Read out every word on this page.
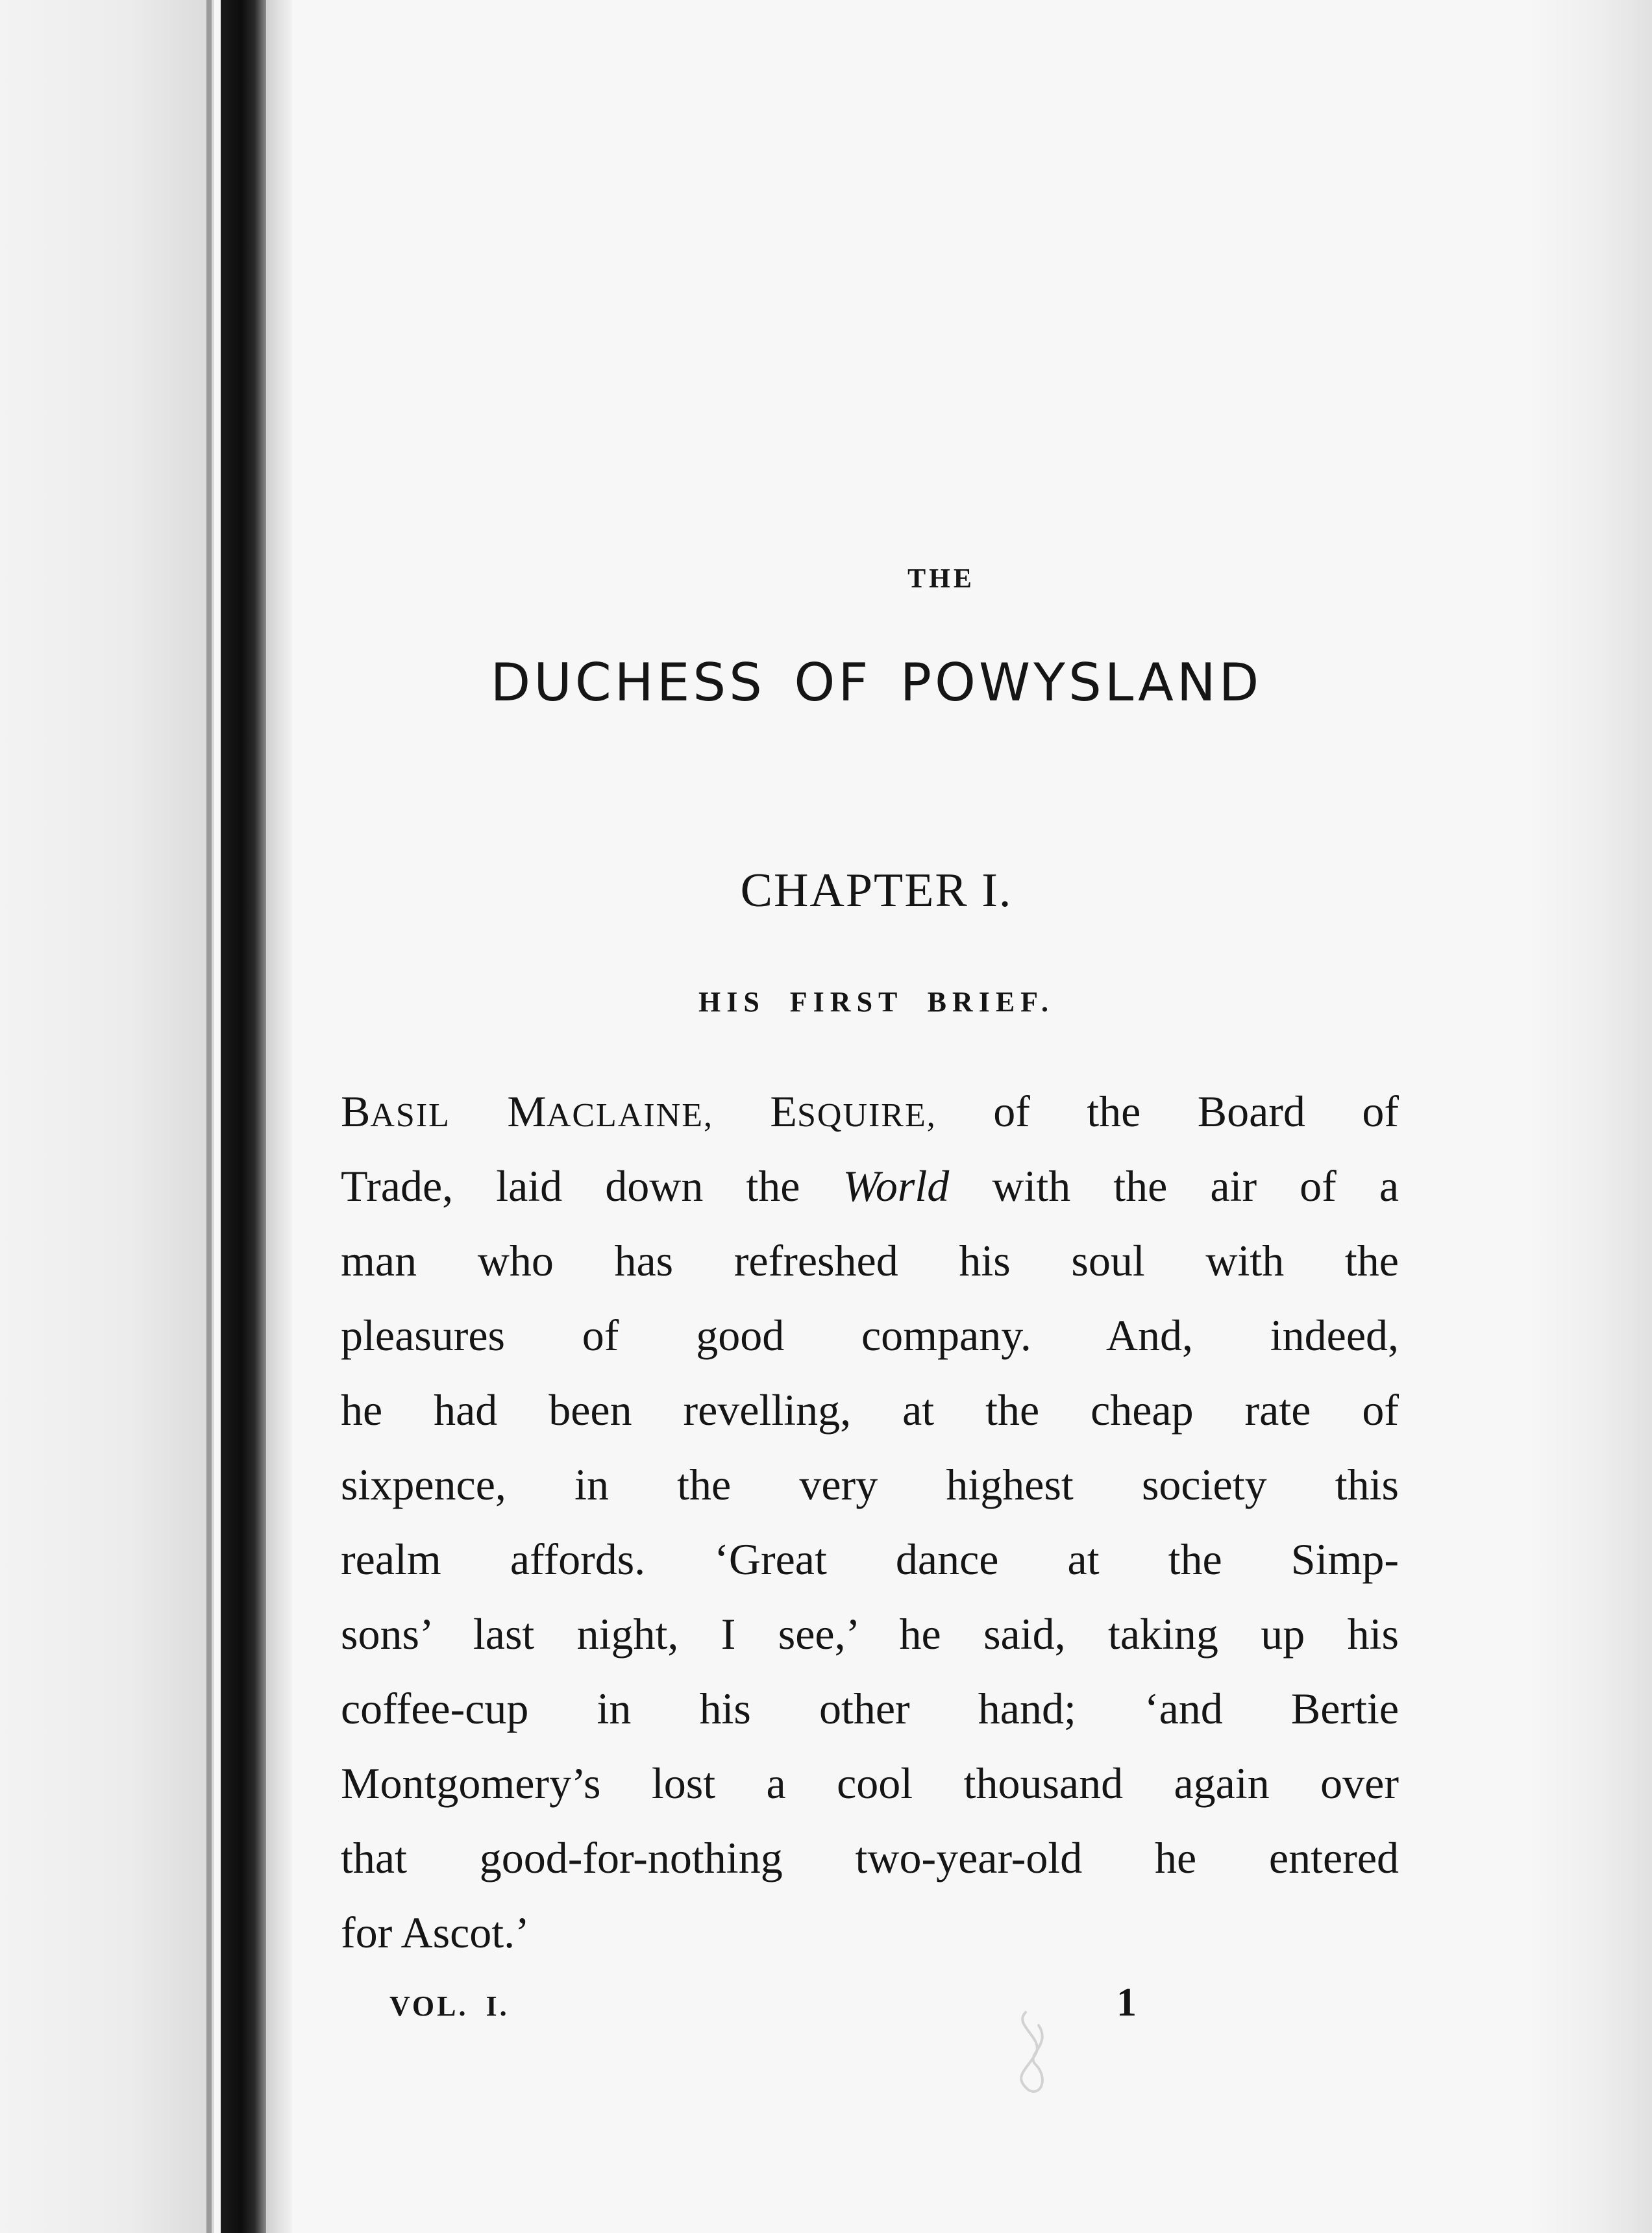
THE
DUCHESS OF POWYSLAND
CHAPTER I.
HIS FIRST BRIEF.
BASIL MACLAINE, ESQUIRE, of the Board of
Trade, laid down the World with the air of a
man who has refreshed his soul with the
pleasures of good company. And, indeed,
he had been revelling, at the cheap rate of
sixpence, in the very highest society this
realm affords. ‘Great dance at the Simp-
sons’ last night, I see,’ he said, taking up his
coffee-cup in his other hand; ‘and Bertie
Montgomery’s lost a cool thousand again over
that good-for-nothing two-year-old he entered
for Ascot.’
VOL. I.	1
